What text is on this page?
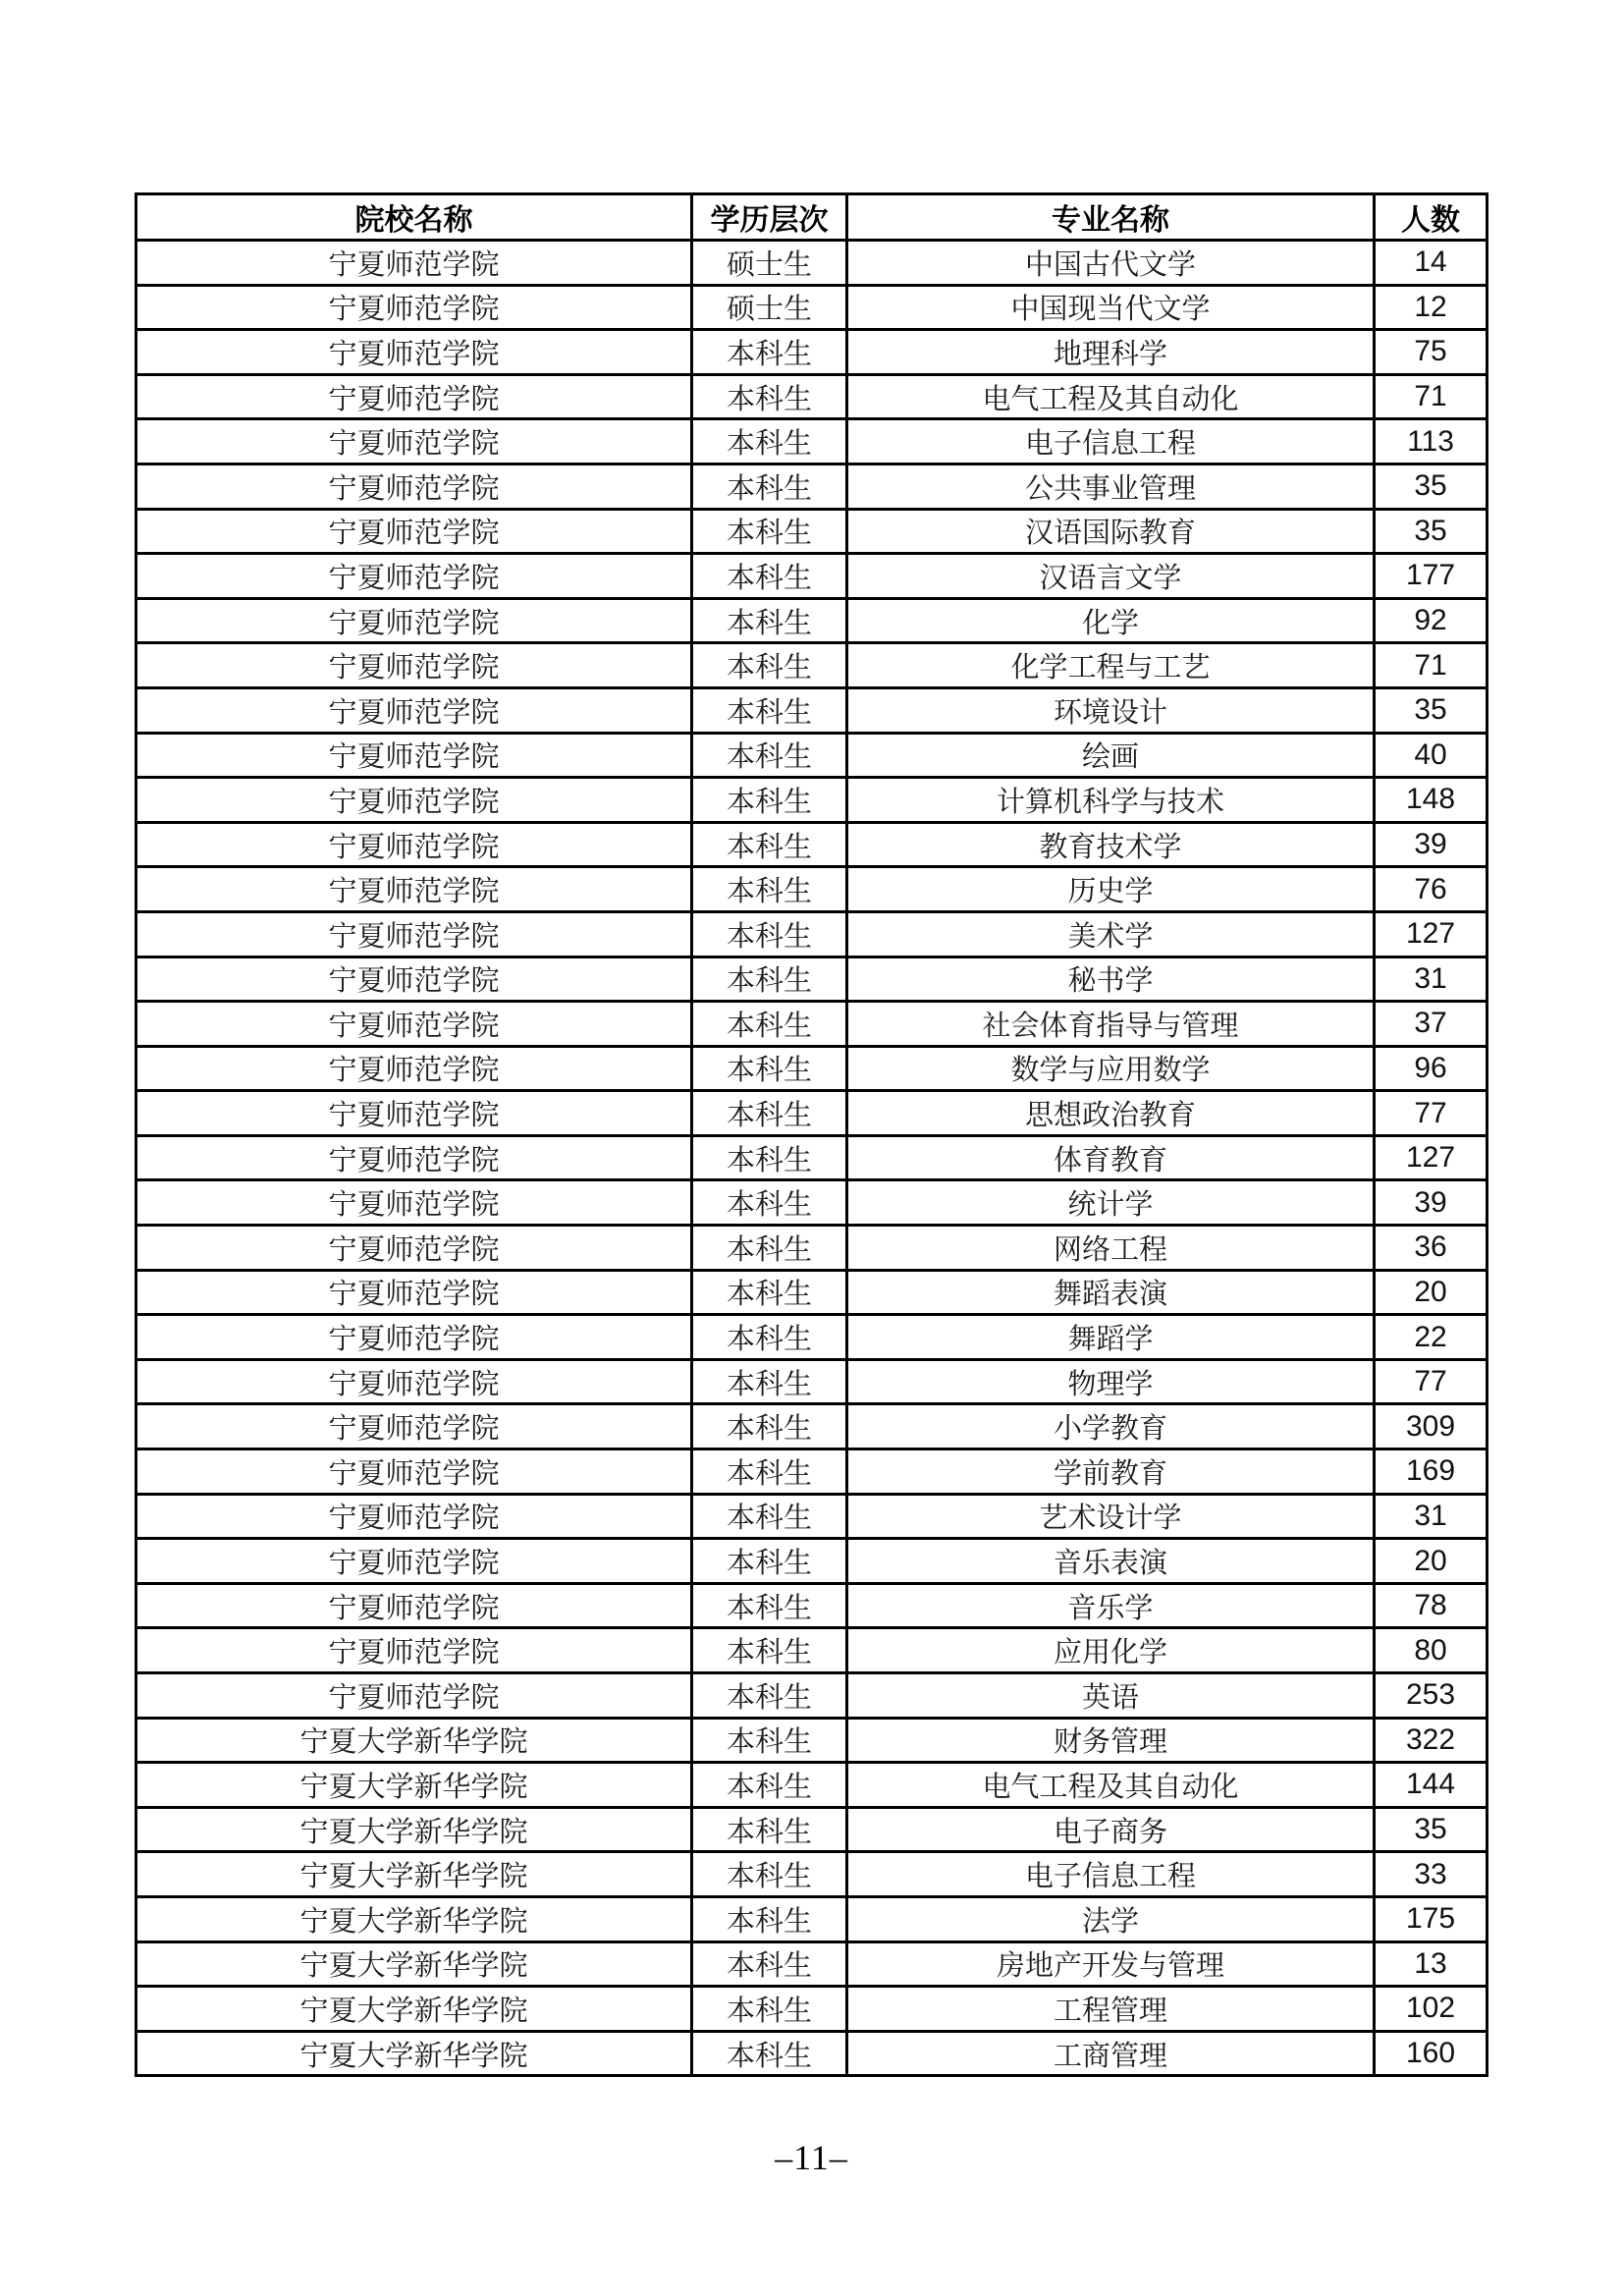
院校名称	学历层次	专业名称	人数
宁夏师范学院	硕士生	中国古代文学	14
宁夏师范学院	硕士生	中国现当代文学	12
宁夏师范学院	本科生	地理科学	75
宁夏师范学院	本科生	电气工程及其自动化	71
宁夏师范学院	本科生	电子信息工程	113
宁夏师范学院	本科生	公共事业管理	35
宁夏师范学院	本科生	汉语国际教育	35
宁夏师范学院	本科生	汉语言文学	177
宁夏师范学院	本科生	化学	92
宁夏师范学院	本科生	化学工程与工艺	71
宁夏师范学院	本科生	环境设计	35
宁夏师范学院	本科生	绘画	40
宁夏师范学院	本科生	计算机科学与技术	148
宁夏师范学院	本科生	教育技术学	39
宁夏师范学院	本科生	历史学	76
宁夏师范学院	本科生	美术学	127
宁夏师范学院	本科生	秘书学	31
宁夏师范学院	本科生	社会体育指导与管理	37
宁夏师范学院	本科生	数学与应用数学	96
宁夏师范学院	本科生	思想政治教育	77
宁夏师范学院	本科生	体育教育	127
宁夏师范学院	本科生	统计学	39
宁夏师范学院	本科生	网络工程	36
宁夏师范学院	本科生	舞蹈表演	20
宁夏师范学院	本科生	舞蹈学	22
宁夏师范学院	本科生	物理学	77
宁夏师范学院	本科生	小学教育	309
宁夏师范学院	本科生	学前教育	169
宁夏师范学院	本科生	艺术设计学	31
宁夏师范学院	本科生	音乐表演	20
宁夏师范学院	本科生	音乐学	78
宁夏师范学院	本科生	应用化学	80
宁夏师范学院	本科生	英语	253
宁夏大学新华学院	本科生	财务管理	322
宁夏大学新华学院	本科生	电气工程及其自动化	144
宁夏大学新华学院	本科生	电子商务	35
宁夏大学新华学院	本科生	电子信息工程	33
宁夏大学新华学院	本科生	法学	175
宁夏大学新华学院	本科生	房地产开发与管理	13
宁夏大学新华学院	本科生	工程管理	102
宁夏大学新华学院	本科生	工商管理	160
–11–
